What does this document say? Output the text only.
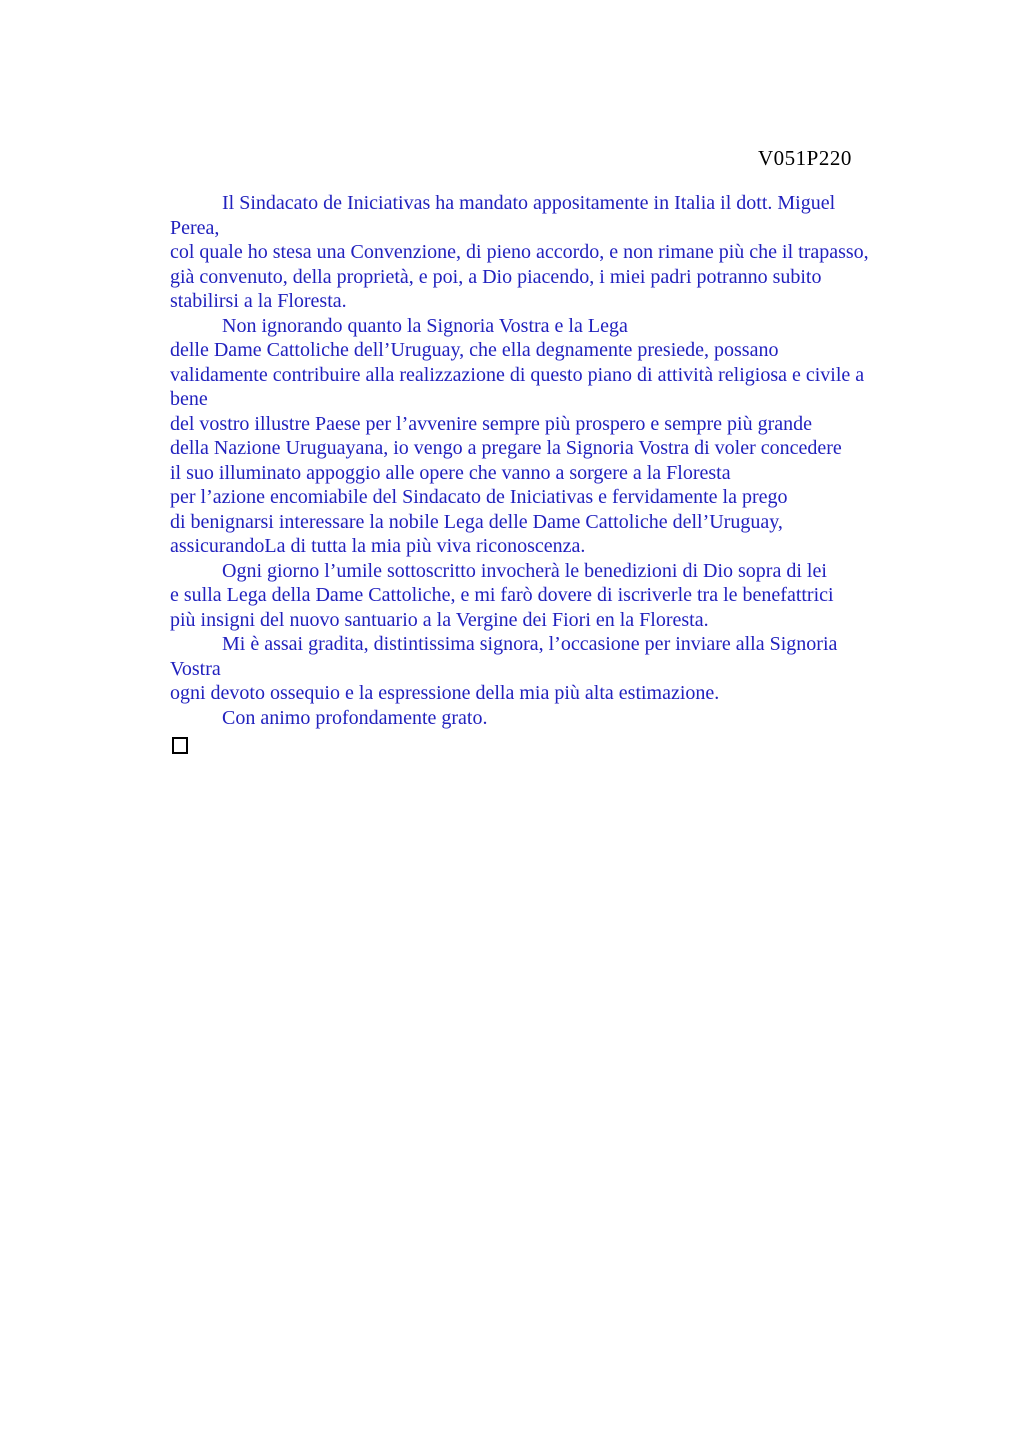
V051P220
Il Sindacato de Iniciativas ha mandato appositamente in Italia il dott. Miguel
Perea,
col quale ho stesa una Convenzione, di pieno accordo, e non rimane più che il trapasso,
già convenuto, della proprietà, e poi, a Dio piacendo, i miei padri potranno subito
stabilirsi a la Floresta.
Non ignorando quanto la Signoria Vostra e la Lega
delle Dame Cattoliche dell’Uruguay, che ella degnamente presiede, possano
validamente contribuire alla realizzazione di questo piano di attività religiosa e civile a
bene
del vostro illustre Paese per l’avvenire sempre più prospero e sempre più grande
della Nazione Uruguayana, io vengo a pregare la Signoria Vostra di voler concedere
il suo illuminato appoggio alle opere che vanno a sorgere a la Floresta
per l’azione encomiabile del Sindacato de Iniciativas e fervidamente la prego
di benignarsi interessare la nobile Lega delle Dame Cattoliche dell’Uruguay,
assicurandoLa di tutta la mia più viva riconoscenza.
Ogni giorno l’umile sottoscritto invocherà le benedizioni di Dio sopra di lei
e sulla Lega della Dame Cattoliche, e mi farò dovere di iscriverle tra le benefattrici
più insigni del nuovo santuario a la Vergine dei Fiori en la Floresta.
Mi è assai gradita, distintissima signora, l’occasione per inviare alla Signoria
Vostra
ogni devoto ossequio e la espressione della mia più alta estimazione.
Con animo profondamente grato.
